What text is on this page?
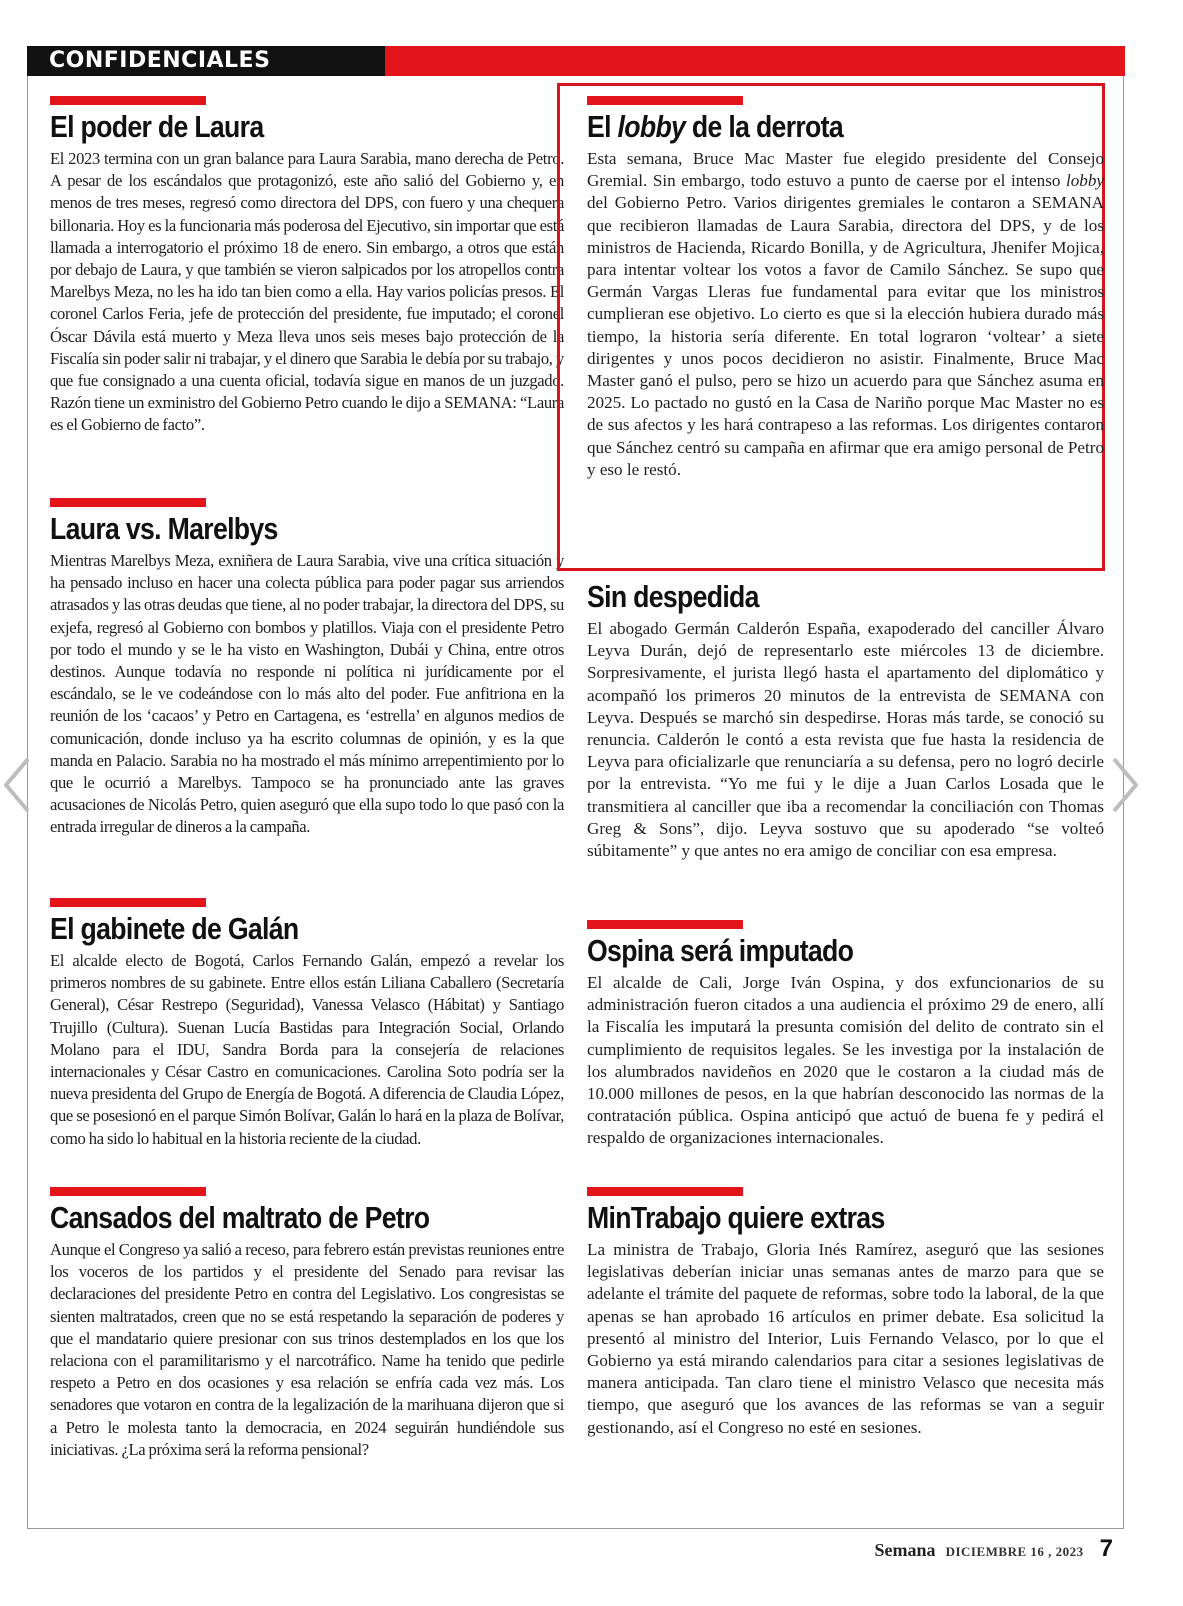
CONFIDENCIALES
El poder de Laura

El 2023 termina con un gran balance para Laura Sarabia, mano derecha de Petro. A pesar de los escándalos que protagonizó, este año salió del Gobierno y, en menos de tres meses, regresó como directora del DPS, con fuero y una chequera billonaria. Hoy es la funcionaria más poderosa del Ejecutivo, sin importar que está llamada a interrogatorio el próximo 18 de enero. Sin embargo, a otros que están por debajo de Laura, y que también se vieron salpicados por los atropellos contra Marelbys Meza, no les ha ido tan bien como a ella. Hay varios policías presos. El coronel Carlos Feria, jefe de protección del presidente, fue imputado; el coronel Óscar Dávila está muerto y Meza lleva unos seis meses bajo protección de la Fiscalía sin poder salir ni trabajar, y el dinero que Sarabia le debía por su trabajo, y que fue consignado a una cuenta oficial, todavía sigue en manos de un juzgado. Razón tiene un exministro del Gobierno Petro cuando le dijo a SEMANA: “Laura es el Gobierno de facto”.

Laura vs. Marelbys

Mientras Marelbys Meza, exniñera de Laura Sarabia, vive una crítica situación y ha pensado incluso en hacer una colecta pública para poder pagar sus arriendos atrasados y las otras deudas que tiene, al no poder trabajar, la directora del DPS, su exjefa, regresó al Gobierno con bombos y platillos. Viaja con el presidente Petro por todo el mundo y se le ha visto en Washington, Dubái y China, entre otros destinos. Aunque todavía no responde ni política ni jurídicamente por el escándalo, se le ve codeándose con lo más alto del poder. Fue anfitriona en la reunión de los ‘cacaos’ y Petro en Cartagena, es ‘estrella’ en algunos medios de comunicación, donde incluso ya ha escrito columnas de opinión, y es la que manda en Palacio. Sarabia no ha mostrado el más mínimo arrepentimiento por lo que le ocurrió a Marelbys. Tampoco se ha pronunciado ante las graves acusaciones de Nicolás Petro, quien aseguró que ella supo todo lo que pasó con la entrada irregular de dineros a la campaña.

El gabinete de Galán

El alcalde electo de Bogotá, Carlos Fernando Galán, empezó a revelar los primeros nombres de su gabinete. Entre ellos están Liliana Caballero (Secretaría General), César Restrepo (Seguridad), Vanessa Velasco (Hábitat) y Santiago Trujillo (Cultura). Suenan Lucía Bastidas para Integración Social, Orlando Molano para el IDU, Sandra Borda para la consejería de relaciones internacionales y César Castro en comunicaciones. Carolina Soto podría ser la nueva presidenta del Grupo de Energía de Bogotá. A diferencia de Claudia López, que se posesionó en el parque Simón Bolívar, Galán lo hará en la plaza de Bolívar, como ha sido lo habitual en la historia reciente de la ciudad.

Cansados del maltrato de Petro

Aunque el Congreso ya salió a receso, para febrero están previstas reuniones entre los voceros de los partidos y el presidente del Senado para revisar las declaraciones del presidente Petro en contra del Legislativo. Los congresistas se sienten maltratados, creen que no se está respetando la separación de poderes y que el mandatario quiere presionar con sus trinos destemplados en los que los relaciona con el paramilitarismo y el narcotráfico. Name ha tenido que pedirle respeto a Petro en dos ocasiones y esa relación se enfría cada vez más. Los senadores que votaron en contra de la legalización de la marihuana dijeron que si a Petro le molesta tanto la democracia, en 2024 seguirán hundiéndole sus iniciativas. ¿La próxima será la reforma pensional?

El lobby de la derrota

Esta semana, Bruce Mac Master fue elegido presidente del Consejo Gremial. Sin embargo, todo estuvo a punto de caerse por el intenso lobby del Gobierno Petro. Varios dirigentes gremiales le contaron a SEMANA que recibieron llamadas de Laura Sarabia, directora del DPS, y de los ministros de Hacienda, Ricardo Bonilla, y de Agricultura, Jhenifer Mojica, para intentar voltear los votos a favor de Camilo Sánchez. Se supo que Germán Vargas Lleras fue fundamental para evitar que los ministros cumplieran ese objetivo. Lo cierto es que si la elección hubiera durado más tiempo, la historia sería diferente. En total lograron ‘voltear’ a siete dirigentes y unos pocos decidieron no asistir. Finalmente, Bruce Mac Master ganó el pulso, pero se hizo un acuerdo para que Sánchez asuma en 2025. Lo pactado no gustó en la Casa de Nariño porque Mac Master no es de sus afectos y les hará contrapeso a las reformas. Los dirigentes contaron que Sánchez centró su campaña en afirmar que era amigo personal de Petro y eso le restó.

Sin despedida

El abogado Germán Calderón España, exapoderado del canciller Álvaro Leyva Durán, dejó de representarlo este miércoles 13 de diciembre. Sorpresivamente, el jurista llegó hasta el apartamento del diplomático y acompañó los primeros 20 minutos de la entrevista de SEMANA con Leyva. Después se marchó sin despedirse. Horas más tarde, se conoció su renuncia. Calderón le contó a esta revista que fue hasta la residencia de Leyva para oficializarle que renunciaría a su defensa, pero no logró decirle por la entrevista. “Yo me fui y le dije a Juan Carlos Losada que le transmitiera al canciller que iba a recomendar la conciliación con Thomas Greg & Sons”, dijo. Leyva sostuvo que su apoderado “se volteó súbitamente” y que antes no era amigo de conciliar con esa empresa.

Ospina será imputado

El alcalde de Cali, Jorge Iván Ospina, y dos exfuncionarios de su administración fueron citados a una audiencia el próximo 29 de enero, allí la Fiscalía les imputará la presunta comisión del delito de contrato sin el cumplimiento de requisitos legales. Se les investiga por la instalación de los alumbrados navideños en 2020 que le costaron a la ciudad más de 10.000 millones de pesos, en la que habrían desconocido las normas de la contratación pública. Ospina anticipó que actuó de buena fe y pedirá el respaldo de organizaciones internacionales.

MinTrabajo quiere extras

La ministra de Trabajo, Gloria Inés Ramírez, aseguró que las sesiones legislativas deberían iniciar unas semanas antes de marzo para que se adelante el trámite del paquete de reformas, sobre todo la laboral, de la que apenas se han aprobado 16 artículos en primer debate. Esa solicitud la presentó al ministro del Interior, Luis Fernando Velasco, por lo que el Gobierno ya está mirando calendarios para citar a sesiones legislativas de manera anticipada. Tan claro tiene el ministro Velasco que necesita más tiempo, que aseguró que los avances de las reformas se van a seguir gestionando, así el Congreso no esté en sesiones.

Semana DICIEMBRE 16 , 2023 7
